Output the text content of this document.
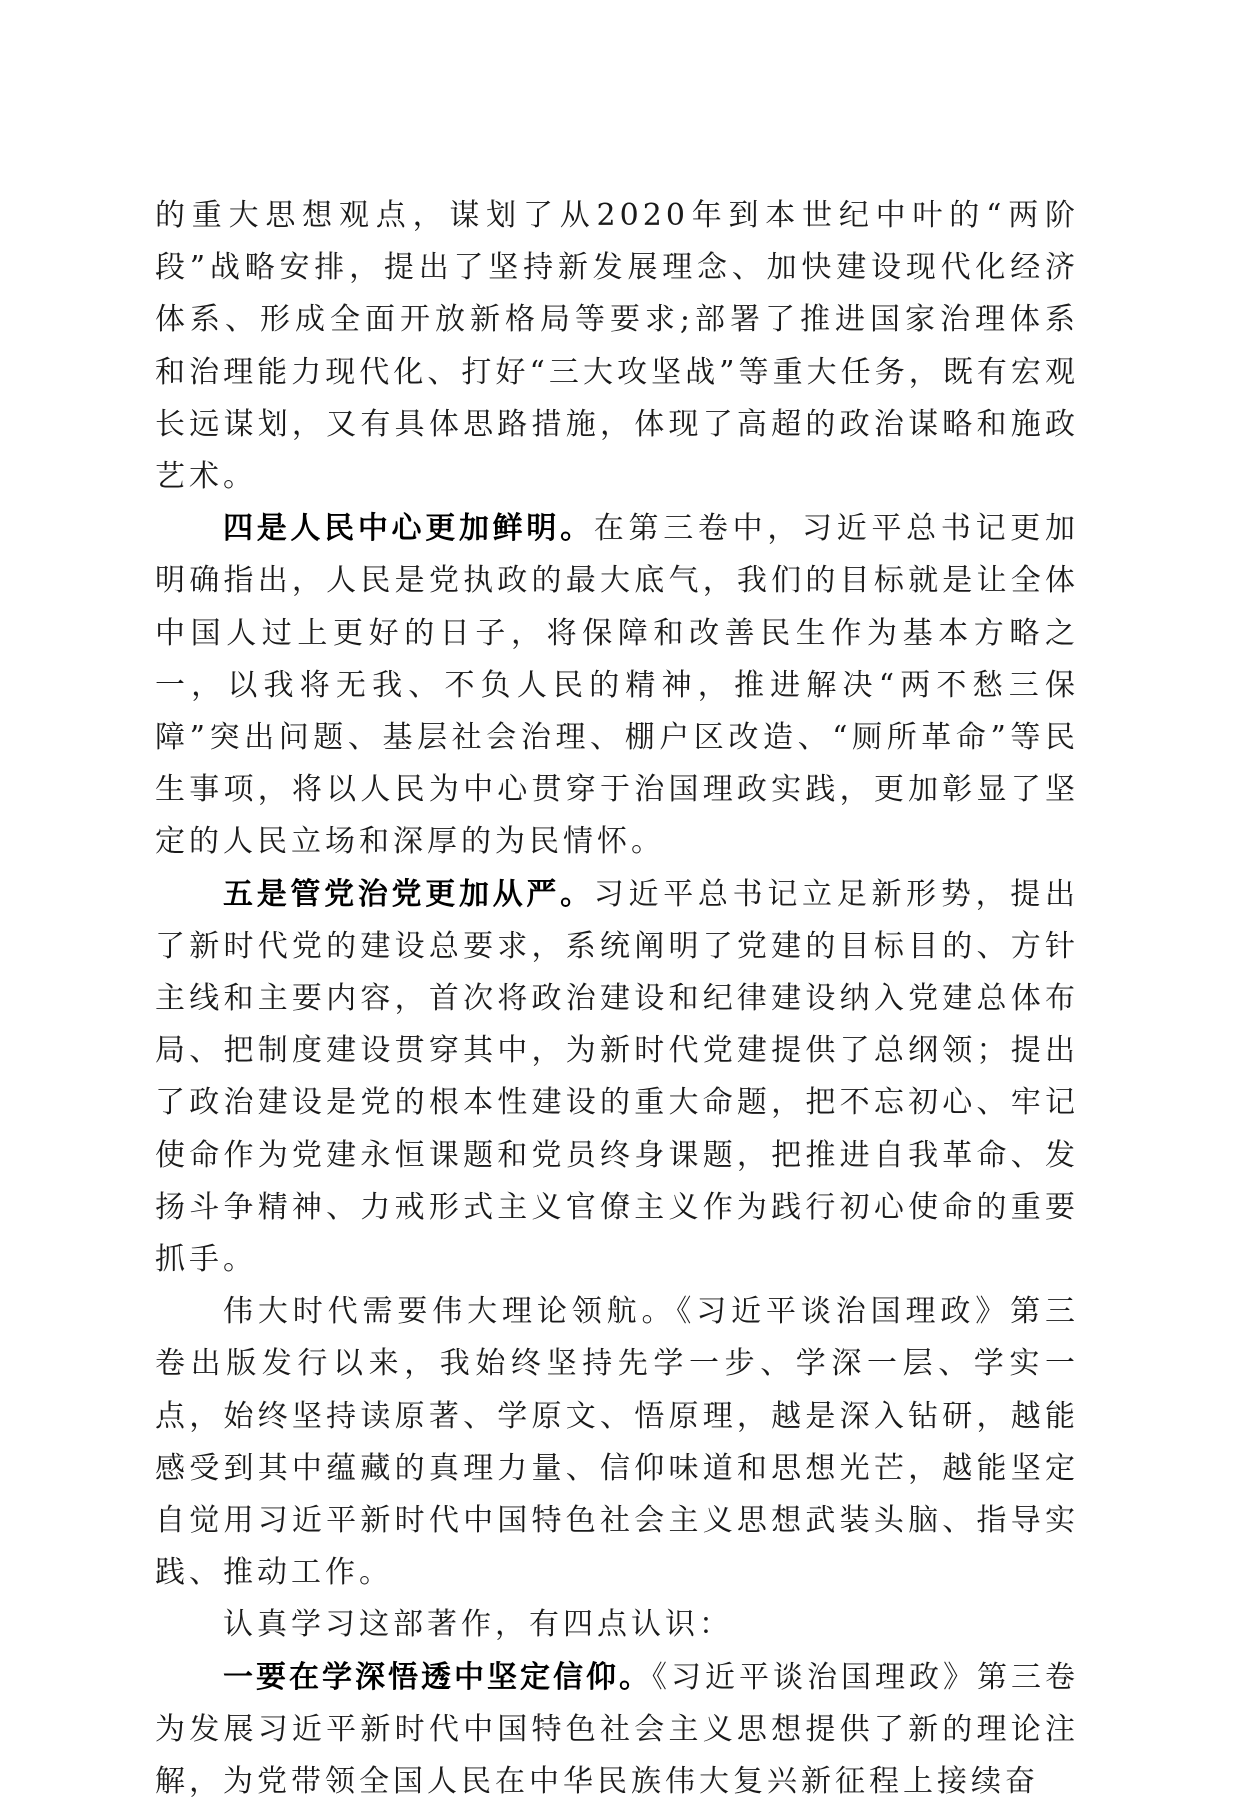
的重大思想观点，谋划了从2020年到本世纪中叶的“两阶段”战略安排，提出了坚持新发展理念、加快建设现代化经济体系、形成全面开放新格局等要求;部署了推进国家治理体系和治理能力现代化、打好“三大攻坚战”等重大任务，既有宏观长远谋划，又有具体思路措施，体现了高超的政治谋略和施政艺术。

四是人民中心更加鲜明。在第三卷中，习近平总书记更加明确指出，人民是党执政的最大底气，我们的目标就是让全体中国人过上更好的日子，将保障和改善民生作为基本方略之一，以我将无我、不负人民的精神，推进解决“两不愁三保障”突出问题、基层社会治理、棚户区改造、“厕所革命”等民生事项，将以人民为中心贯穿于治国理政实践，更加彰显了坚定的人民立场和深厚的为民情怀。

五是管党治党更加从严。习近平总书记立足新形势，提出了新时代党的建设总要求，系统阐明了党建的目标目的、方针主线和主要内容，首次将政治建设和纪律建设纳入党建总体布局、把制度建设贯穿其中，为新时代党建提供了总纲领；提出了政治建设是党的根本性建设的重大命题，把不忘初心、牢记使命作为党建永恒课题和党员终身课题，把推进自我革命、发扬斗争精神、力戒形式主义官僚主义作为践行初心使命的重要抓手。

伟大时代需要伟大理论领航。《习近平谈治国理政》第三卷出版发行以来，我始终坚持先学一步、学深一层、学实一点，始终坚持读原著、学原文、悟原理，越是深入钻研，越能感受到其中蕴藏的真理力量、信仰味道和思想光芒，越能坚定自觉用习近平新时代中国特色社会主义思想武装头脑、指导实践、推动工作。

认真学习这部著作，有四点认识：

一要在学深悟透中坚定信仰。《习近平谈治国理政》第三卷为发展习近平新时代中国特色社会主义思想提供了新的理论注解，为党带领全国人民在中华民族伟大复兴新征程上接续奋
